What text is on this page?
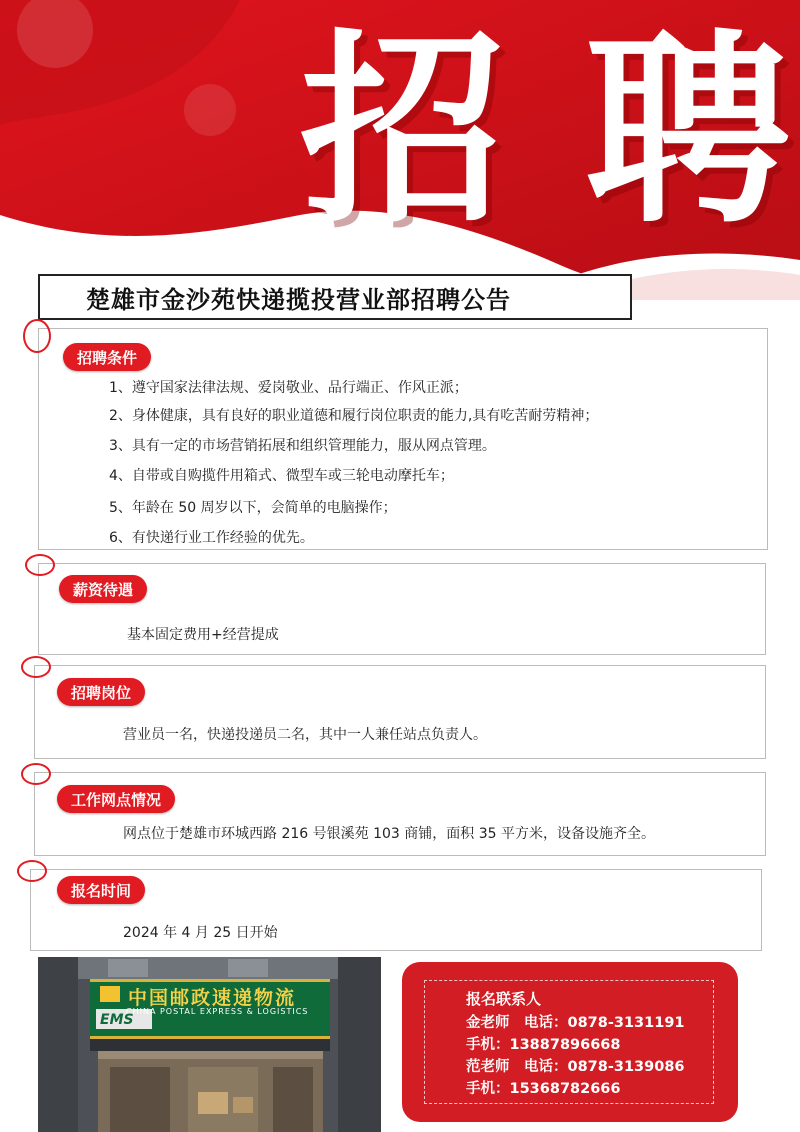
招 聘
楚雄市金沙苑快递揽投营业部招聘公告
招聘条件
1、遵守国家法律法规、爱岗敬业、品行端正、作风正派；
2、身体健康，具有良好的职业道德和履行岗位职责的能力,具有吃苦耐劳精神；
3、具有一定的市场营销拓展和组织管理能力，服从网点管理。
4、自带或自购揽件用箱式、微型车或三轮电动摩托车；
5、年龄在 50 周岁以下，会简单的电脑操作；
6、有快递行业工作经验的优先。
薪资待遇
基本固定费用+经营提成
招聘岗位
营业员一名，快递投递员二名，其中一人兼任站点负责人。
工作网点情况
网点位于楚雄市环城西路 216 号银溪苑 103 商铺，面积 35 平方米，设备设施齐全。
报名时间
2024 年 4 月 25 日开始
中国邮政速递物流
CHINA POSTAL EXPRESS & LOGISTICS
EMS
报名联系人
金老师　电话：0878-3131191
手机：13887896668
范老师　电话：0878-3139086
手机：15368782666
